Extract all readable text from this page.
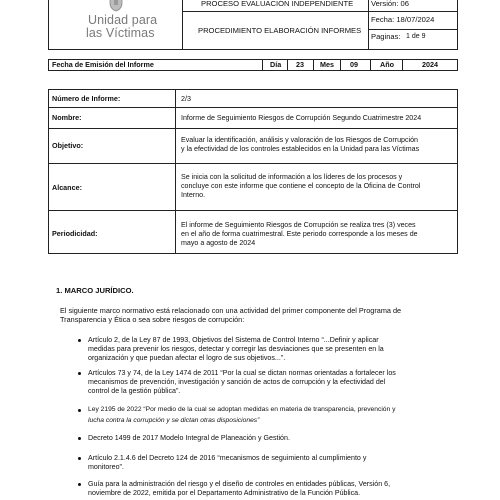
Unidad para
las Víctimas
PROCESO EVALUACIÓN INDEPENDIENTE
PROCEDIMIENTO ELABORACIÓN INFORMES
Versión: 06
Fecha: 18/07/2024
Paginas: 1 de 9
Fecha de Emisión del Informe	Día 23 Mes 09	Año	2024
Número de Informe:	2/3
Nombre:	Informe de Seguimiento Riesgos de Corrupción Segundo Cuatrimestre 2024
Objetivo:
Evaluar la identificación, análisis y valoración de los Riesgos de Corrupción
y la efectividad de los controles establecidos en la Unidad para las Víctimas
Alcance:
Se inicia con la solicitud de información a los líderes de los procesos y
concluye con este informe que contiene el concepto de la Oficina de Control
Interno.
Periodicidad:
El informe de Seguimiento Riesgos de Corrupción se realiza tres (3) veces
en el año de forma cuatrimestral. Este periodo corresponde a los meses de
mayo a agosto de 2024
1. MARCO JURÍDICO.
El siguiente marco normativo está relacionado con una actividad del primer componente del Programa de
Transparencia y Ética o sea sobre riesgos de corrupción:
Artículo 2, de la Ley 87 de 1993, Objetivos del Sistema de Control Interno “...Definir y aplicar
medidas para prevenir los riesgos, detectar y corregir las desviaciones que se presenten en la
organización y que puedan afectar el logro de sus objetivos...”.
Artículos 73 y 74, de la Ley 1474 de 2011 “Por la cual se dictan normas orientadas a fortalecer los
mecanismos de prevención, investigación y sanción de actos de corrupción y la efectividad del
control de la gestión pública”.
Ley 2195 de 2022 “Por medio de la cual se adoptan medidas en materia de transparencia, prevención y
lucha contra la corrupción y se dictan otras disposiciones”
Decreto 1499 de 2017 Modelo Integral de Planeación y Gestión.
Artículo 2.1.4.6 del Decreto 124 de 2016 “mecanismos de seguimiento al cumplimiento y
monitoreo”.
Guía para la administración del riesgo y el diseño de controles en entidades públicas, Versión 6,
noviembre de 2022, emitida por el Departamento Administrativo de la Función Pública.
